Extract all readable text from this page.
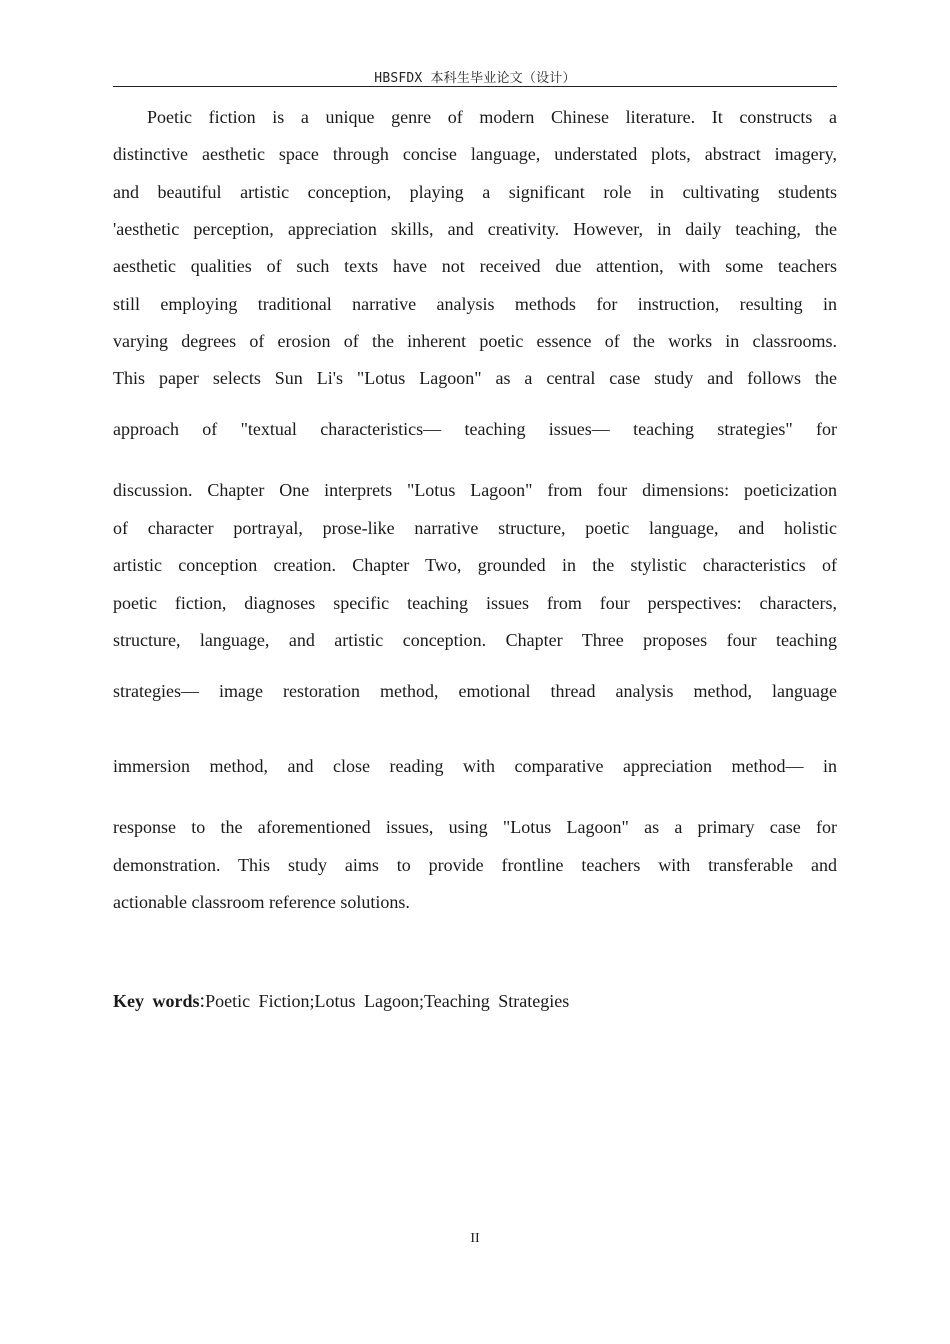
HBSFDX 本科生毕业论文（设计）
Poetic fiction is a unique genre of modern Chinese literature. It constructs a
distinctive aesthetic space through concise language, understated plots, abstract imagery,
and beautiful artistic conception, playing a significant role in cultivating students
'aesthetic perception, appreciation skills, and creativity. However, in daily teaching, the
aesthetic qualities of such texts have not received due attention, with some teachers
still employing traditional narrative analysis methods for instruction, resulting in
varying degrees of erosion of the inherent poetic essence of the works in classrooms.
This paper selects Sun Li's "Lotus Lagoon" as a central case study and follows the
approach of "textual characteristics— teaching issues— teaching strategies" for
discussion. Chapter One interprets "Lotus Lagoon" from four dimensions: poeticization
of character portrayal, prose-like narrative structure, poetic language, and holistic
artistic conception creation. Chapter Two, grounded in the stylistic characteristics of
poetic fiction, diagnoses specific teaching issues from four perspectives: characters,
structure, language, and artistic conception. Chapter Three proposes four teaching
strategies— image restoration method, emotional thread analysis method, language
immersion method, and close reading with comparative appreciation method— in
response to the aforementioned issues, using "Lotus Lagoon" as a primary case for
demonstration. This study aims to provide frontline teachers with transferable and
actionable classroom reference solutions.
Key words:Poetic Fiction;Lotus Lagoon;Teaching Strategies
II
